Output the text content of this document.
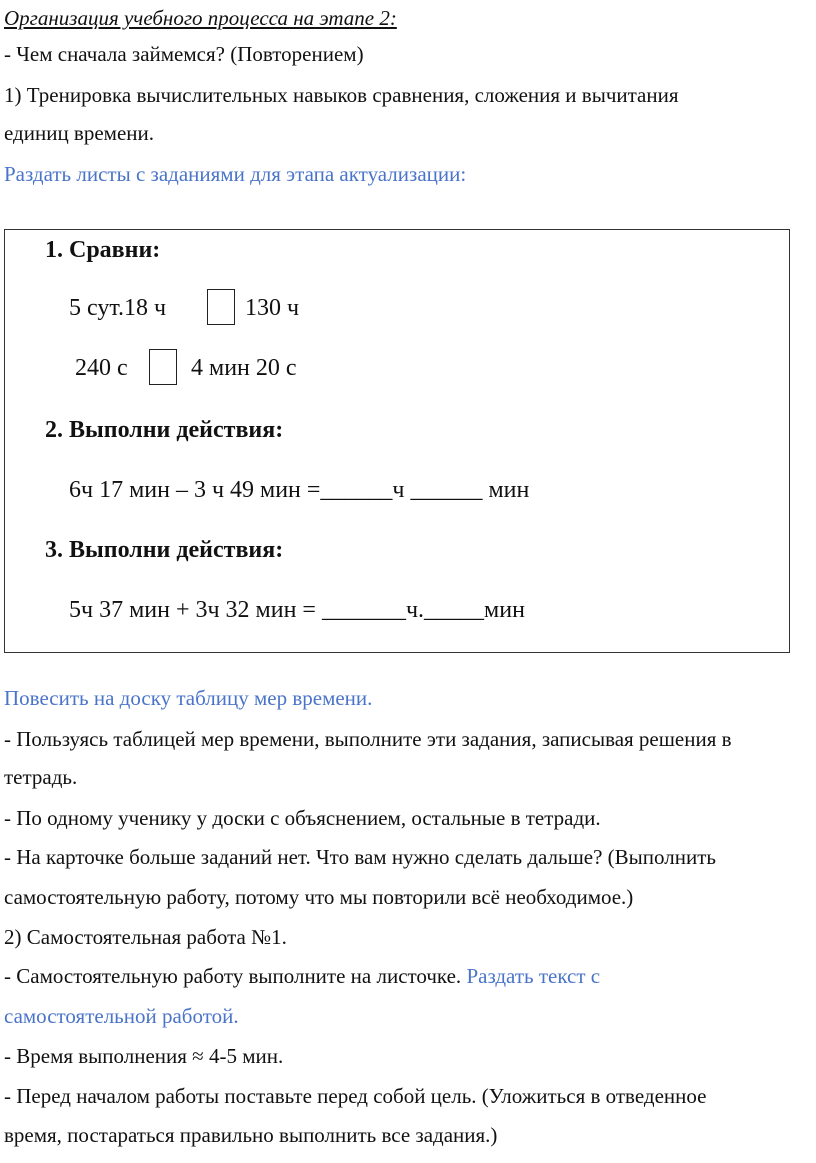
Организация учебного процесса на этапе 2:
- Чем сначала займемся? (Повторением)
1) Тренировка вычислительных навыков сравнения, сложения и вычитания
единиц времени.
Раздать листы с заданиями для этапа актуализации:
1. Сравни:
5 сут.18 ч	130 ч
240 с	4 мин 20 с
2. Выполни действия:
6ч 17 мин – 3 ч 49 мин =______ч ______ мин
3. Выполни действия:
5ч 37 мин + 3ч 32 мин = _______ч._____мин
Повесить на доску таблицу мер времени.
- Пользуясь таблицей мер времени, выполните эти задания, записывая решения в
тетрадь.
- По одному ученику у доски с объяснением, остальные в тетради.
- На карточке больше заданий нет. Что вам нужно сделать дальше? (Выполнить
самостоятельную работу, потому что мы повторили всё необходимое.)
2) Самостоятельная работа №1.
- Самостоятельную работу выполните на листочке. Раздать текст с
самостоятельной работой.
- Время выполнения ≈ 4-5 мин.
- Перед началом работы поставьте перед собой цель. (Уложиться в отведенное
время, постараться правильно выполнить все задания.)
